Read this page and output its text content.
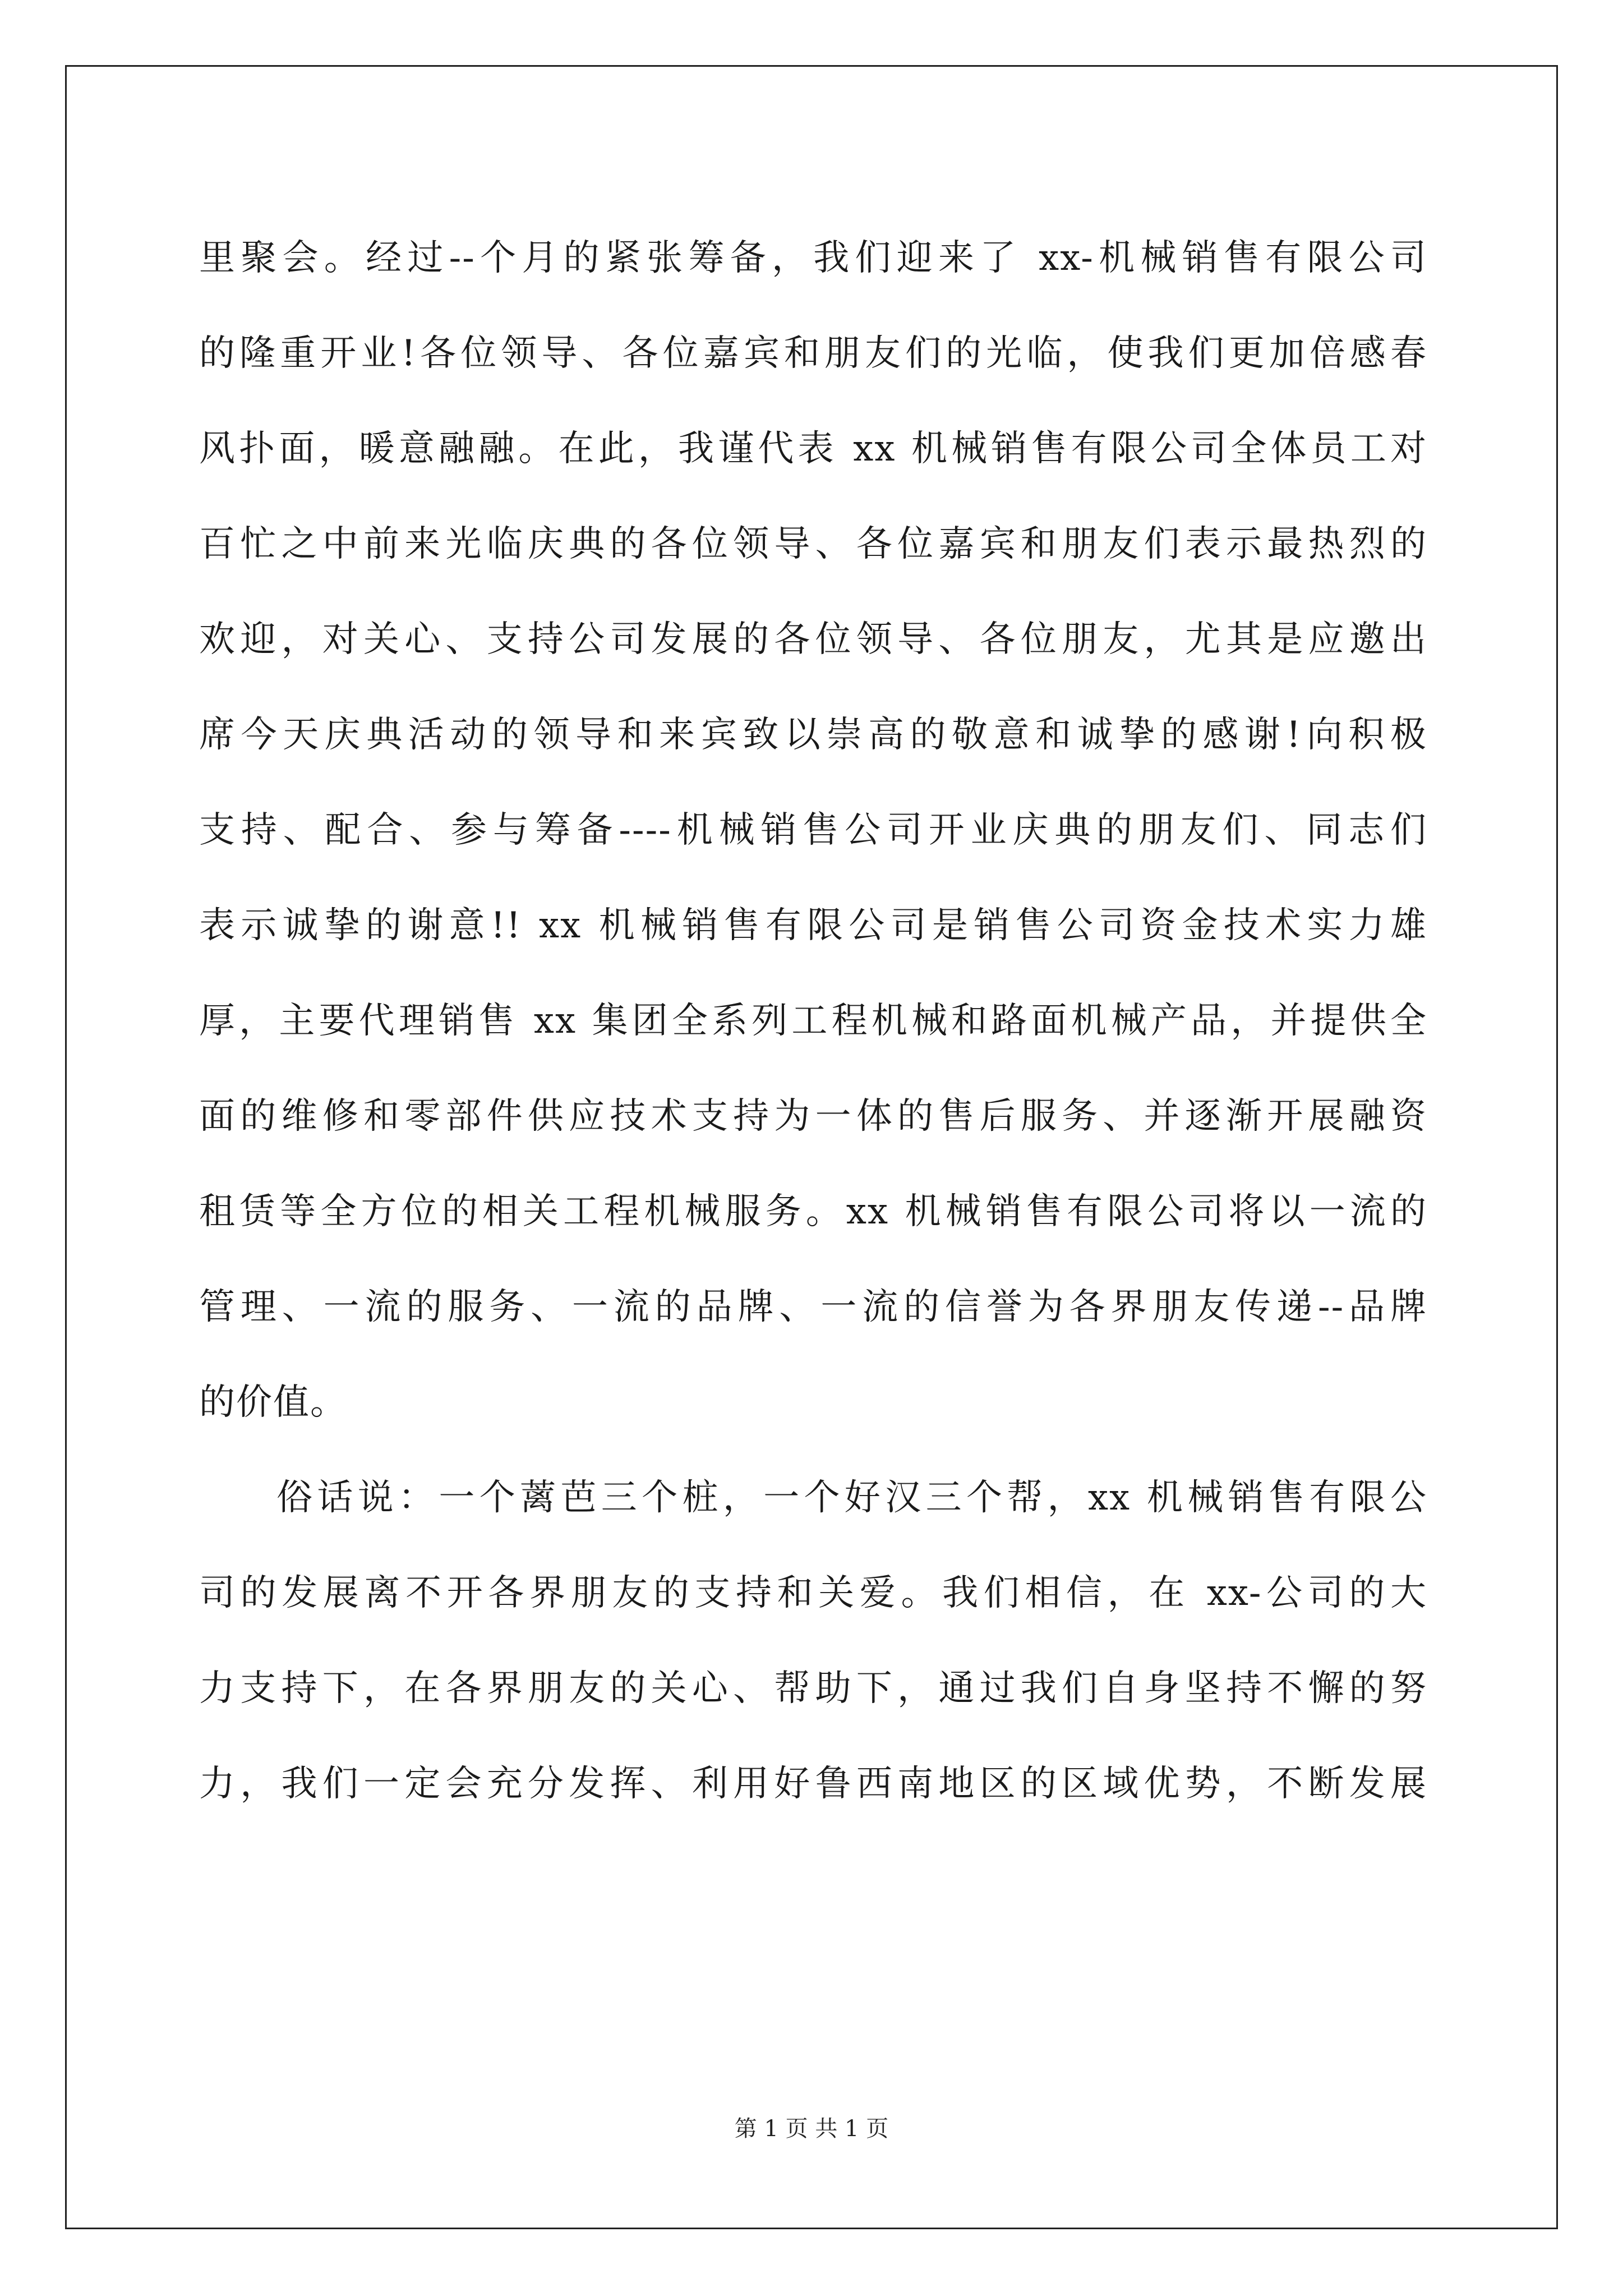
里聚会。经过--个月的紧张筹备，我们迎来了 xx-机械销售有限公司
的隆重开业!各位领导、各位嘉宾和朋友们的光临，使我们更加倍感春
风扑面，暖意融融。在此，我谨代表 xx 机械销售有限公司全体员工对
百忙之中前来光临庆典的各位领导、各位嘉宾和朋友们表示最热烈的
欢迎，对关心、支持公司发展的各位领导、各位朋友，尤其是应邀出
席今天庆典活动的领导和来宾致以崇高的敬意和诚挚的感谢!向积极
支持、配合、参与筹备----机械销售公司开业庆典的朋友们、同志们
表示诚挚的谢意!! xx 机械销售有限公司是销售公司资金技术实力雄
厚，主要代理销售 xx 集团全系列工程机械和路面机械产品，并提供全
面的维修和零部件供应技术支持为一体的售后服务、并逐渐开展融资
租赁等全方位的相关工程机械服务。xx 机械销售有限公司将以一流的
管理、一流的服务、一流的品牌、一流的信誉为各界朋友传递--品牌
的价值。
俗话说：一个蓠芭三个桩，一个好汉三个帮，xx 机械销售有限公
司的发展离不开各界朋友的支持和关爱。我们相信，在 xx-公司的大
力支持下，在各界朋友的关心、帮助下，通过我们自身坚持不懈的努
力，我们一定会充分发挥、利用好鲁西南地区的区域优势，不断发展
第 1 页 共 1 页
